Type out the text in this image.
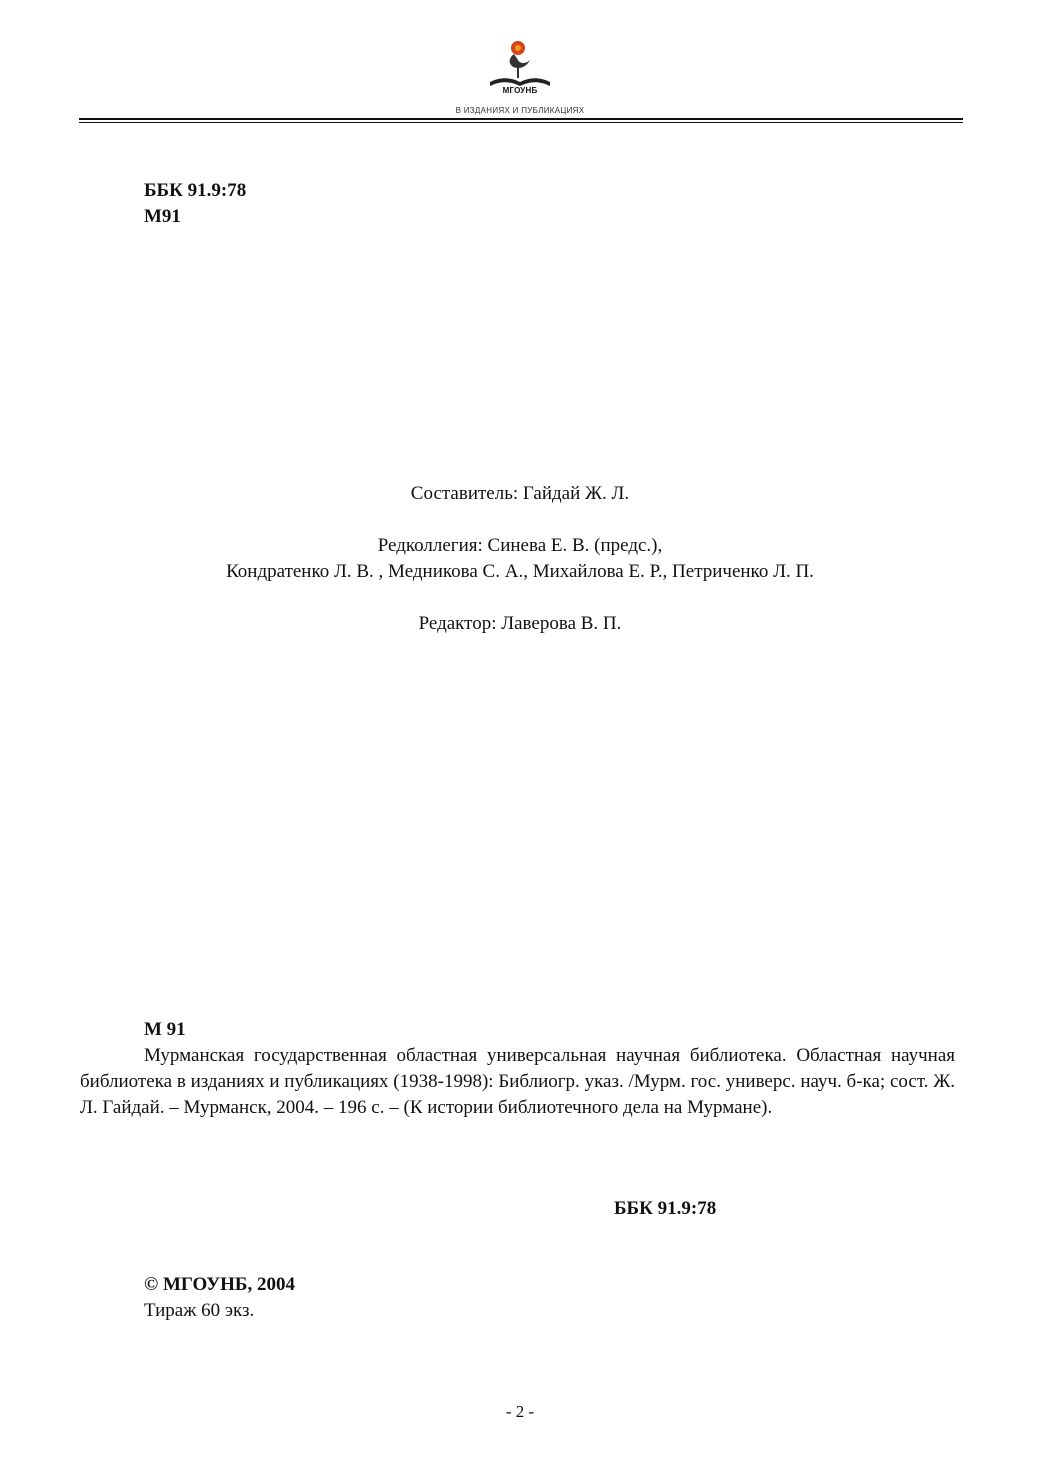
МГОУНБ
В ИЗДАНИЯХ И ПУБЛИКАЦИЯХ
ББК 91.9:78
М91
Составитель: Гайдай Ж. Л.
Редколлегия: Синева Е. В. (предс.),
Кондратенко Л. В. , Медникова С. А., Михайлова Е. Р., Петриченко Л. П.
Редактор: Лаверова В. П.
М 91
Мурманская государственная областная универсальная научная библиотека. Областная научная библиотека в изданиях и публикациях (1938-1998): Библиогр. указ. /Мурм. гос. универс. науч. б-ка; сост. Ж. Л. Гайдай. – Мурманск, 2004. – 196 с. – (К истории библиотечного дела на Мурмане).
ББК 91.9:78
© МГОУНБ, 2004
Тираж 60 экз.
- 2 -
